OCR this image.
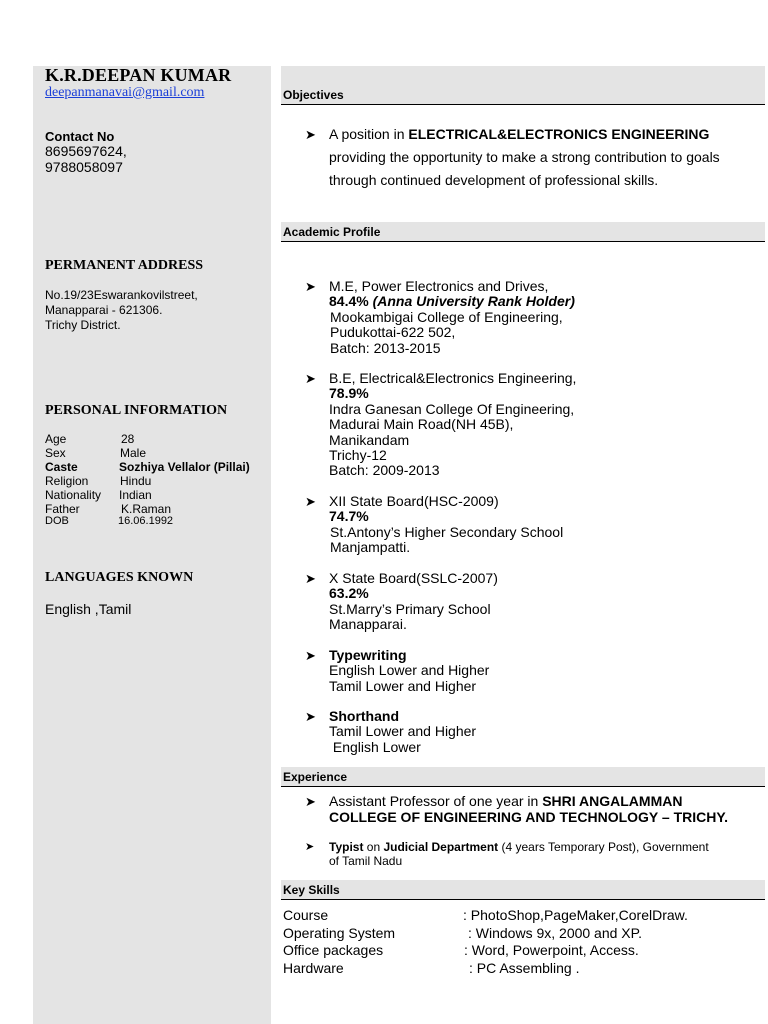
K.R.DEEPAN KUMAR
deepanmanavai@gmail.com
Contact No
8695697624,
9788058097
PERMANENT ADDRESS
No.19/23Eswarankovilstreet,
Manapparai - 621306.
Trichy District.
PERSONAL INFORMATION
Age	28
Sex	Male
Caste	Sozhiya Vellalor (Pillai)
Religion	Hindu
Nationality Indian
Father	K.Raman
DOB	16.06.1992
LANGUAGES KNOWN
English ,Tamil
Objectives
➤ A position in ELECTRICAL&ELECTRONICS ENGINEERING
providing the opportunity to make a strong contribution to goals
through continued development of professional skills.
Academic Profile
➤ M.E, Power Electronics and Drives,
84.4% (Anna University Rank Holder)
Mookambigai College of Engineering,
Pudukottai-622 502,
Batch: 2013-2015
➤ B.E, Electrical&Electronics Engineering,
78.9%
Indra Ganesan College Of Engineering,
Madurai Main Road(NH 45B),
Manikandam
Trichy-12
Batch: 2009-2013
➤ XII State Board(HSC-2009)
74.7%
St.Antony’s Higher Secondary School
Manjampatti.
➤ X State Board(SSLC-2007)
63.2%
St.Marry’s Primary School
Manapparai.
➤ Typewriting
English Lower and Higher
Tamil Lower and Higher
➤ Shorthand
Tamil Lower and Higher
English Lower
Experience
➤ Assistant Professor of one year in SHRI ANGALAMMAN
COLLEGE OF ENGINEERING AND TECHNOLOGY – TRICHY.
➤ Typist on Judicial Department (4 years Temporary Post), Government
of Tamil Nadu
Key Skills
Course	: PhotoShop,PageMaker,CorelDraw.
Operating System	: Windows 9x, 2000 and XP.
Office packages	: Word, Powerpoint, Access.
Hardware	: PC Assembling .
